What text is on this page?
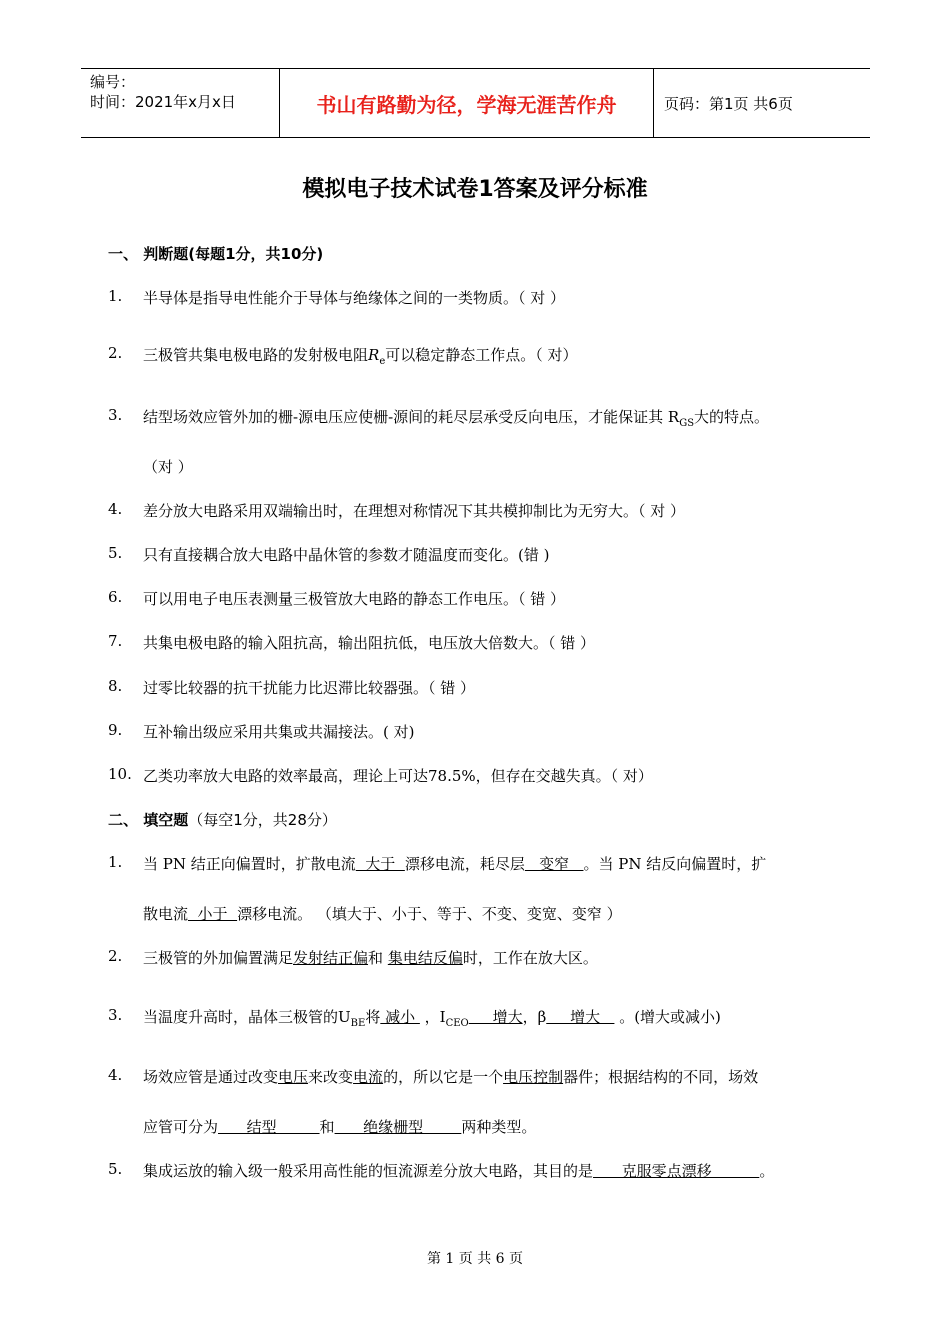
编号：
时间：2021年x月x日	书山有路勤为径，学海无涯苦作舟	页码：第1页 共6页
模拟电子技术试卷1答案及评分标准
一、 判断题(每题1分，共10分)
1. 半导体是指导电性能介于导体与绝缘体之间的一类物质。（ 对 ）
2. 三极管共集电极电路的发射极电阻$R_e$可以稳定静态工作点。（ 对）
3. 结型场效应管外加的栅-源电压应使栅-源间的耗尽层承受反向电压，才能保证其 $R_{GS}$大的特点。
（对 ）
4. 差分放大电路采用双端输出时，在理想对称情况下其共模抑制比为无穷大。（ 对 ）
5. 只有直接耦合放大电路中晶休管的参数才随温度而变化。(错 )
6. 可以用电子电压表测量三极管放大电路的静态工作电压。（ 错 ）
7. 共集电极电路的输入阻抗高，输出阻抗低，电压放大倍数大。（ 错 ）
8. 过零比较器的抗干扰能力比迟滞比较器强。（ 错 ）
9. 互补输出级应采用共集或共漏接法。( 对)
10. 乙类功率放大电路的效率最高，理论上可达78.5%，但存在交越失真。（ 对）
二、 填空题（每空1分，共28分）
1. 当 PN 结正向偏置时，扩散电流  大于  漂移电流，耗尽层   变窄   。当 PN 结反向偏置时，扩
散电流  小于  漂移电流。 （填大于、小于、等于、不变、变宽、变窄 ）
2. 三极管的外加偏置满足发射结正偏和 集电结反偏时，工作在放大区。
3. 当温度升高时，晶体三极管的$U_{BE}$将 减小  ，$I_{CEO}$     增大，β     增大    。(增大或减小)
4. 场效应管是通过改变电压来改变电流的，所以它是一个电压控制器件；根据结构的不同，场效
应管可分为      结型         和      绝缘栅型        两种类型。
5. 集成运放的输入级一般采用高性能的恒流源差分放大电路，其目的是      克服零点漂移          。
第 1 页 共 6 页
